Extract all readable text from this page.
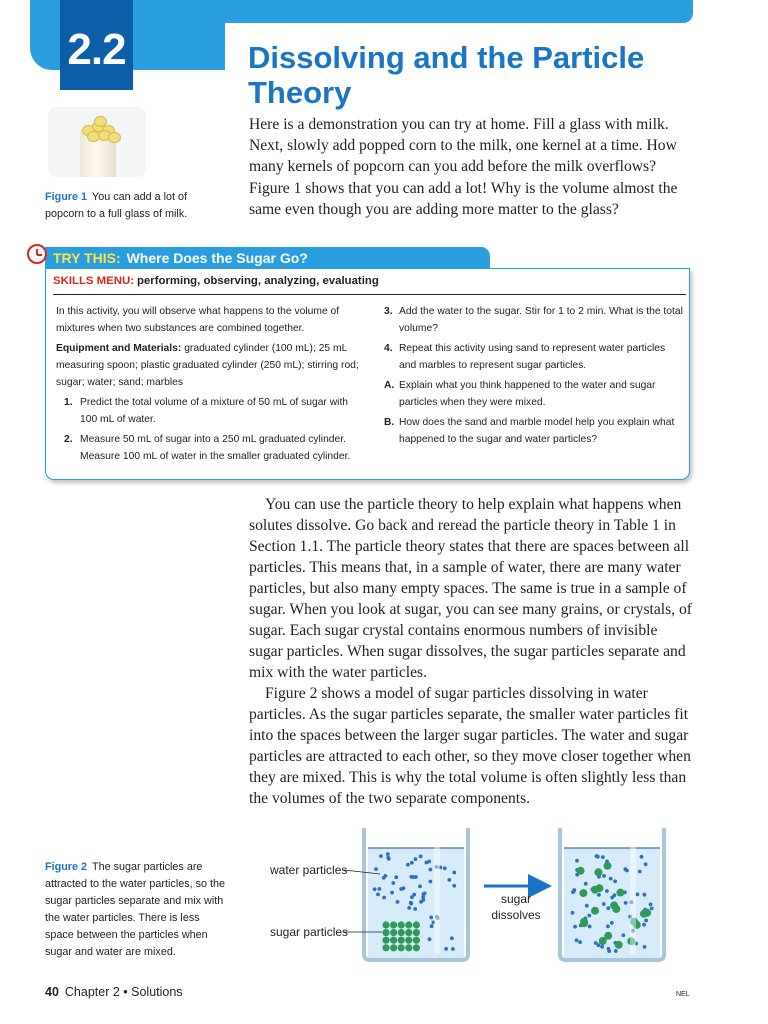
2.2	Dissolving and the Particle Theory

Here is a demonstration you can try at home. Fill a glass with milk. Next, slowly add popped corn to the milk, one kernel at a time. How many kernels of popcorn can you add before the milk overflows? Figure 1 shows that you can add a lot! Why is the volume almost the same even though you are adding more matter to the glass?

Figure 1 You can add a lot of popcorn to a full glass of milk.

TRY THIS: Where Does the Sugar Go?

SKILLS MENU: performing, observing, analyzing, evaluating

In this activity, you will observe what happens to the volume of mixtures when two substances are combined together.

Equipment and Materials: graduated cylinder (100 mL); 25 mL measuring spoon; plastic graduated cylinder (250 mL); stirring rod; sugar; water; sand; marbles

1. Predict the total volume of a mixture of 50 mL of sugar with 100 mL of water.
2. Measure 50 mL of sugar into a 250 mL graduated cylinder. Measure 100 mL of water in the smaller graduated cylinder.
3. Add the water to the sugar. Stir for 1 to 2 min. What is the total volume?
4. Repeat this activity using sand to represent water particles and marbles to represent sugar particles.
A. Explain what you think happened to the water and sugar particles when they were mixed.
B. How does the sand and marble model help you explain what happened to the sugar and water particles?

You can use the particle theory to help explain what happens when solutes dissolve. Go back and reread the particle theory in Table 1 in Section 1.1. The particle theory states that there are spaces between all particles. This means that, in a sample of water, there are many water particles, but also many empty spaces. The same is true in a sample of sugar. When you look at sugar, you can see many grains, or crystals, of sugar. Each sugar crystal contains enormous numbers of invisible sugar particles. When sugar dissolves, the sugar particles separate and mix with the water particles.

Figure 2 shows a model of sugar particles dissolving in water particles. As the sugar particles separate, the smaller water particles fit into the spaces between the larger sugar particles. The water and sugar particles are attracted to each other, so they move closer together when they are mixed. This is why the total volume is often slightly less than the volumes of the two separate components.

Figure 2 The sugar particles are attracted to the water particles, so the sugar particles separate and mix with the water particles. There is less space between the particles when sugar and water are mixed.

water particles
sugar particles
sugar
dissolves
40 Chapter 2 • Solutions	NEL
